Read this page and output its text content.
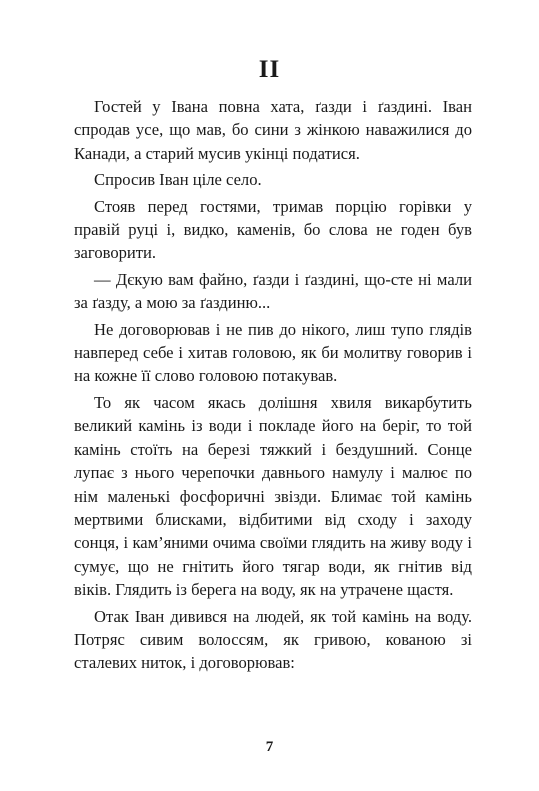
II

Гостей у Івана повна хата, ґазди і ґаздині. Іван спродав усе, що мав, бо сини з жінкою наважилися до Канади, а старий мусив укінці податися.

Спросив Іван ціле село.

Стояв перед гостями, тримав порцію горівки у правій руці і, видко, каменів, бо слова не годен був заговорити.

— Дєкую вам файно, ґазди і ґаздині, що-сте ні мали за ґазду, а мою за ґаздиню...

Не договорював і не пив до нікого, лиш тупо глядів навперед себе і хитав головою, як би молитву говорив і на кожне її слово головою потакував.

То як часом якась долішня хвиля викарбутить великий камінь із води і покладе його на беріг, то той камінь стоїть на березі тяжкий і бездушний. Сонце лупає з нього черепочки давнього намулу і малює по нім маленькі фосфоричні звізди. Блимає той камінь мертвими блисками, відбитими від сходу і заходу сонця, і кам’яними очима своїми глядить на живу воду і сумує, що не гнітить його тягар води, як гнітив від віків. Глядить із берега на воду, як на утрачене щастя.

Отак Іван дивився на людей, як той камінь на воду. Потряс сивим волоссям, як гривою, кованою зі сталевих ниток, і договорював:

7
